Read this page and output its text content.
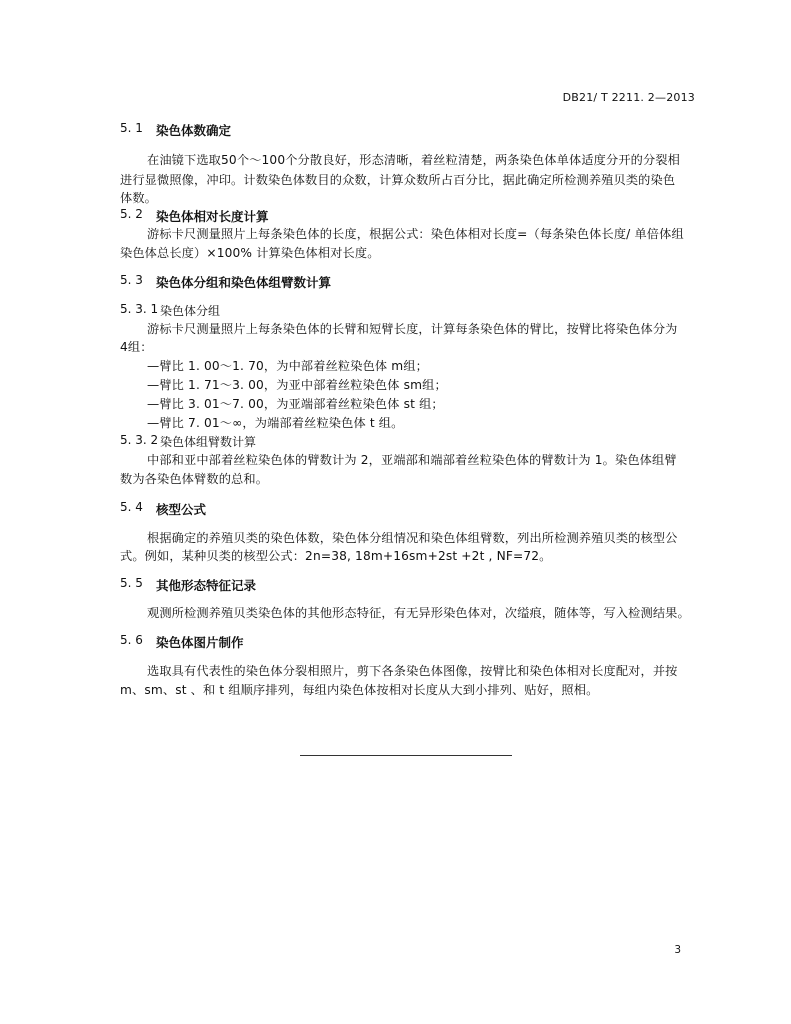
DB21/ T 2211. 2—2013
5. 1 染色体数确定
在油镜下选取50个～100个分散良好，形态清晰，着丝粒清楚，两条染色体单体适度分开的分裂相
进行显微照像，冲印。计数染色体数目的众数，计算众数所占百分比，据此确定所检测养殖贝类的染色
体数。
5. 2 染色体相对长度计算
游标卡尺测量照片上每条染色体的长度，根据公式：染色体相对长度=（每条染色体长度/ 单倍体组
染色体总长度）×100% 计算染色体相对长度。
5. 3 染色体分组和染色体组臂数计算
5. 3. 1 染色体分组
游标卡尺测量照片上每条染色体的长臂和短臂长度，计算每条染色体的臂比，按臂比将染色体分为
4组：
—臂比 1. 00～1. 70，为中部着丝粒染色体 m组；
—臂比 1. 71～3. 00，为亚中部着丝粒染色体 sm组；
—臂比 3. 01～7. 00，为亚端部着丝粒染色体 st 组；
—臂比 7. 01～∞，为端部着丝粒染色体 t 组。
5. 3. 2 染色体组臂数计算
中部和亚中部着丝粒染色体的臂数计为 2，亚端部和端部着丝粒染色体的臂数计为 1。染色体组臂
数为各染色体臂数的总和。
5. 4 核型公式
根据确定的养殖贝类的染色体数，染色体分组情况和染色体组臂数，列出所检测养殖贝类的核型公
式。例如，某种贝类的核型公式：2n=38, 18m+16sm+2st +2t , NF=72。
5. 5 其他形态特征记录
观测所检测养殖贝类染色体的其他形态特征，有无异形染色体对，次缢痕，随体等，写入检测结果。
5. 6 染色体图片制作
选取具有代表性的染色体分裂相照片，剪下各条染色体图像，按臂比和染色体相对长度配对，并按
m、sm、st 、和 t 组顺序排列，每组内染色体按相对长度从大到小排列、贴好，照相。
3
